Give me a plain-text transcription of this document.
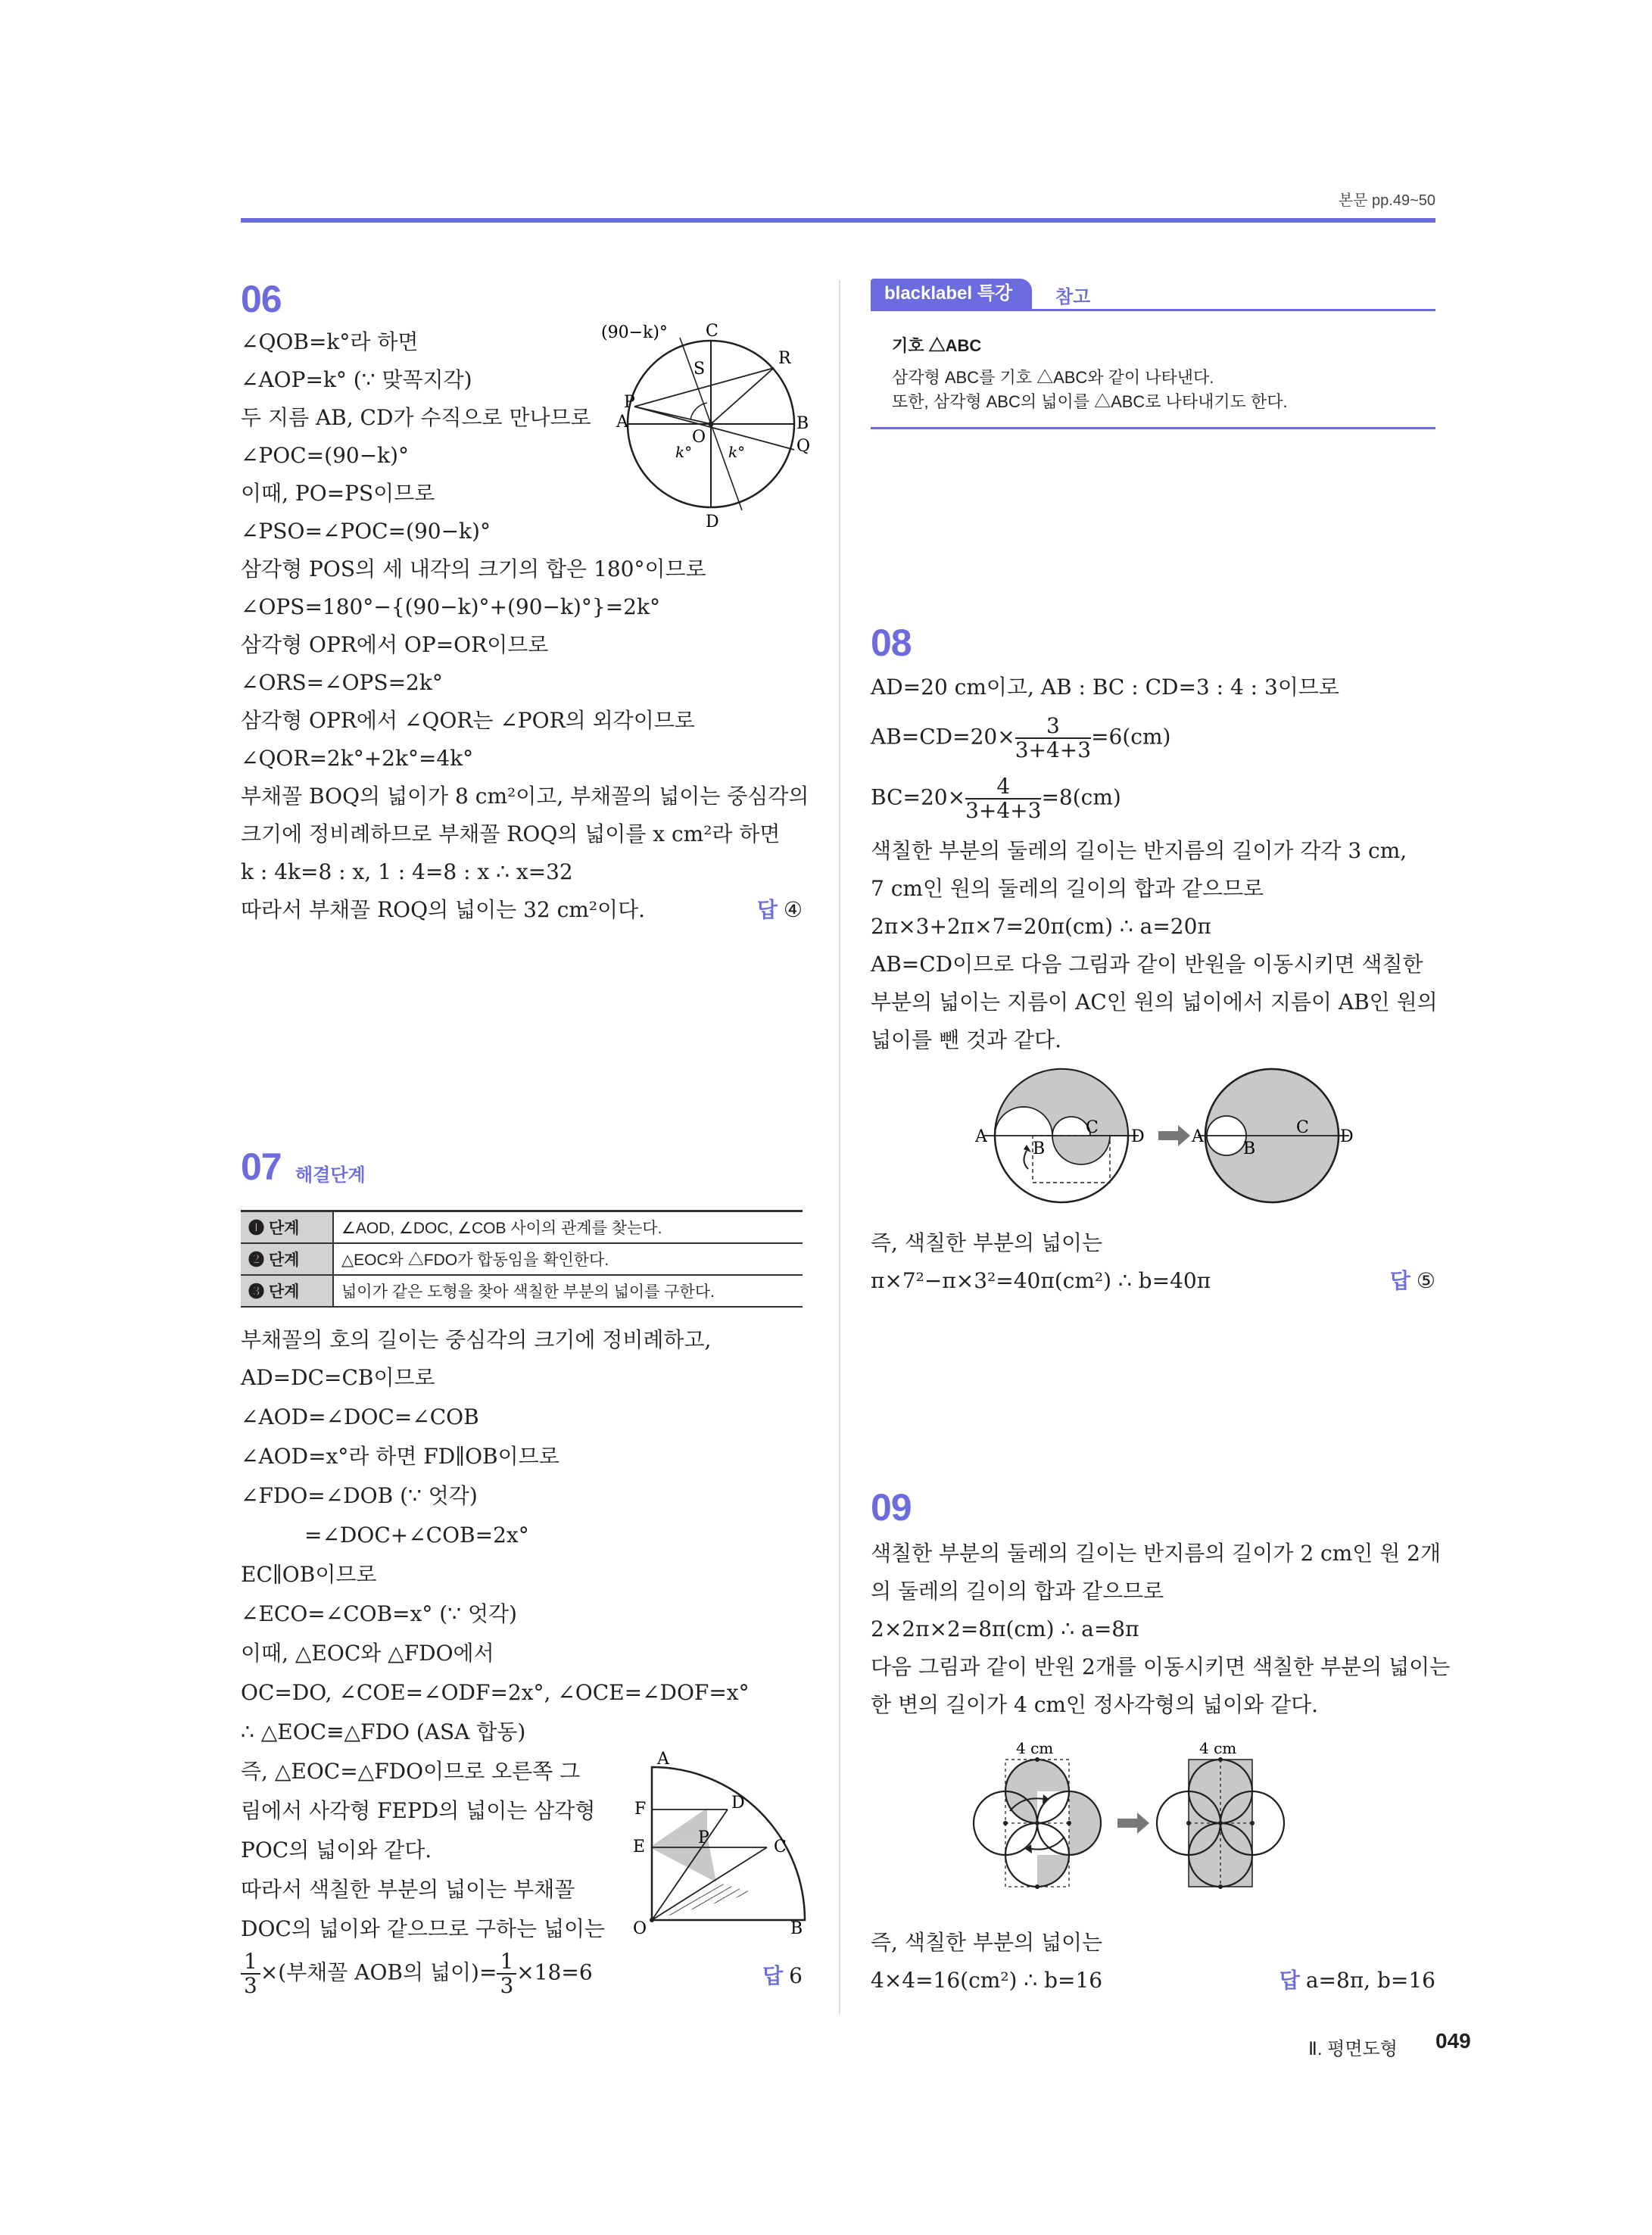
본문 pp.49~50
06
∠QOB=k°라 하면
∠AOP=k° (∵ 맞꼭지각)
두 지름 AB, CD가 수직으로 만나므로
∠POC=(90−k)°
이때, PO=PS이므로
∠PSO=∠POC=(90−k)°
삼각형 POS의 세 내각의 크기의 합은 180°이므로
∠OPS=180°−{(90−k)°+(90−k)°}=2k°
삼각형 OPR에서 OP=OR이므로
∠ORS=∠OPS=2k°
삼각형 OPR에서 ∠QOR는 ∠POR의 외각이므로
∠QOR=2k°+2k°=4k°
부채꼴 BOQ의 넓이가 8 cm²이고, 부채꼴의 넓이는 중심각의
크기에 정비례하므로 부채꼴 ROQ의 넓이를 x cm²라 하면
k : 4k=8 : x, 1 : 4=8 : x ∴ x=32
따라서 부채꼴 ROQ의 넓이는 32 cm²이다.	답 ④
(90−k)° C
R
S
P
A	B
Q
O
D
k° k°
07 해결단계
❶ 단계	∠AOD, ∠DOC, ∠COB 사이의 관계를 찾는다.
❷ 단계	△EOC와 △FDO가 합동임을 확인한다.
❸ 단계	넓이가 같은 도형을 찾아 색칠한 부분의 넓이를 구한다.
부채꼴의 호의 길이는 중심각의 크기에 정비례하고,
AD=DC=CB이므로
∠AOD=∠DOC=∠COB
∠AOD=x°라 하면 FD∥OB이므로
∠FDO=∠DOB (∵ 엇각)
=∠DOC+∠COB=2x°
EC∥OB이므로
∠ECO=∠COB=x° (∵ 엇각)
이때, △EOC와 △FDO에서
OC=DO, ∠COE=∠ODF=2x°, ∠OCE=∠DOF=x°
∴ △EOC≡△FDO (ASA 합동)
즉, △EOC=△FDO이므로 오른쪽 그
림에서 사각형 FEPD의 넓이는 삼각형
POC의 넓이와 같다.
따라서 색칠한 부분의 넓이는 부채꼴
DOC의 넓이와 같으므로 구하는 넓이는
$\frac{1}{3}$ ×(부채꼴 AOB의 넓이)= $\frac{1}{3} \times 18=6$	답 6
A
D
F
E	P	C
O	B
blacklabel 특강	참고
기호 △ABC
삼각형 ABC를 기호 △ABC와 같이 나타낸다.
또한, 삼각형 ABC의 넓이를 △ABC로 나타내기도 한다.
08
AD=20 cm이고, AB : BC : CD=3 : 4 : 3이므로
$AB=CD=20\times \frac{3}{3+4+3} =6(cm)$
$BC=20\times \frac{4}{3+4+3} =8(cm)$
색칠한 부분의 둘레의 길이는 반지름의 길이가 각각 3 cm,
7 cm인 원의 둘레의 길이의 합과 같으므로
2π×3+2π×7=20π(cm) ∴ a=20π
AB=CD이므로 다음 그림과 같이 반원을 이동시키면 색칠한
부분의 넓이는 지름이 AC인 원의 넓이에서 지름이 AB인 원의
넓이를 뺀 것과 같다.
A
B
C D	A
B
C D
즉, 색칠한 부분의 넓이는
π×7²−π×3²=40π(cm²) ∴ b=40π	답 ⑤
09
색칠한 부분의 둘레의 길이는 반지름의 길이가 2 cm인 원 2개
의 둘레의 길이의 합과 같으므로
2×2π×2=8π(cm) ∴ a=8π
다음 그림과 같이 반원 2개를 이동시키면 색칠한 부분의 넓이는
한 변의 길이가 4 cm인 정사각형의 넓이와 같다.
4 cm	4 cm
즉, 색칠한 부분의 넓이는
4×4=16(cm²) ∴ b=16	답 a=8π, b=16
Ⅱ. 평면도형 049
